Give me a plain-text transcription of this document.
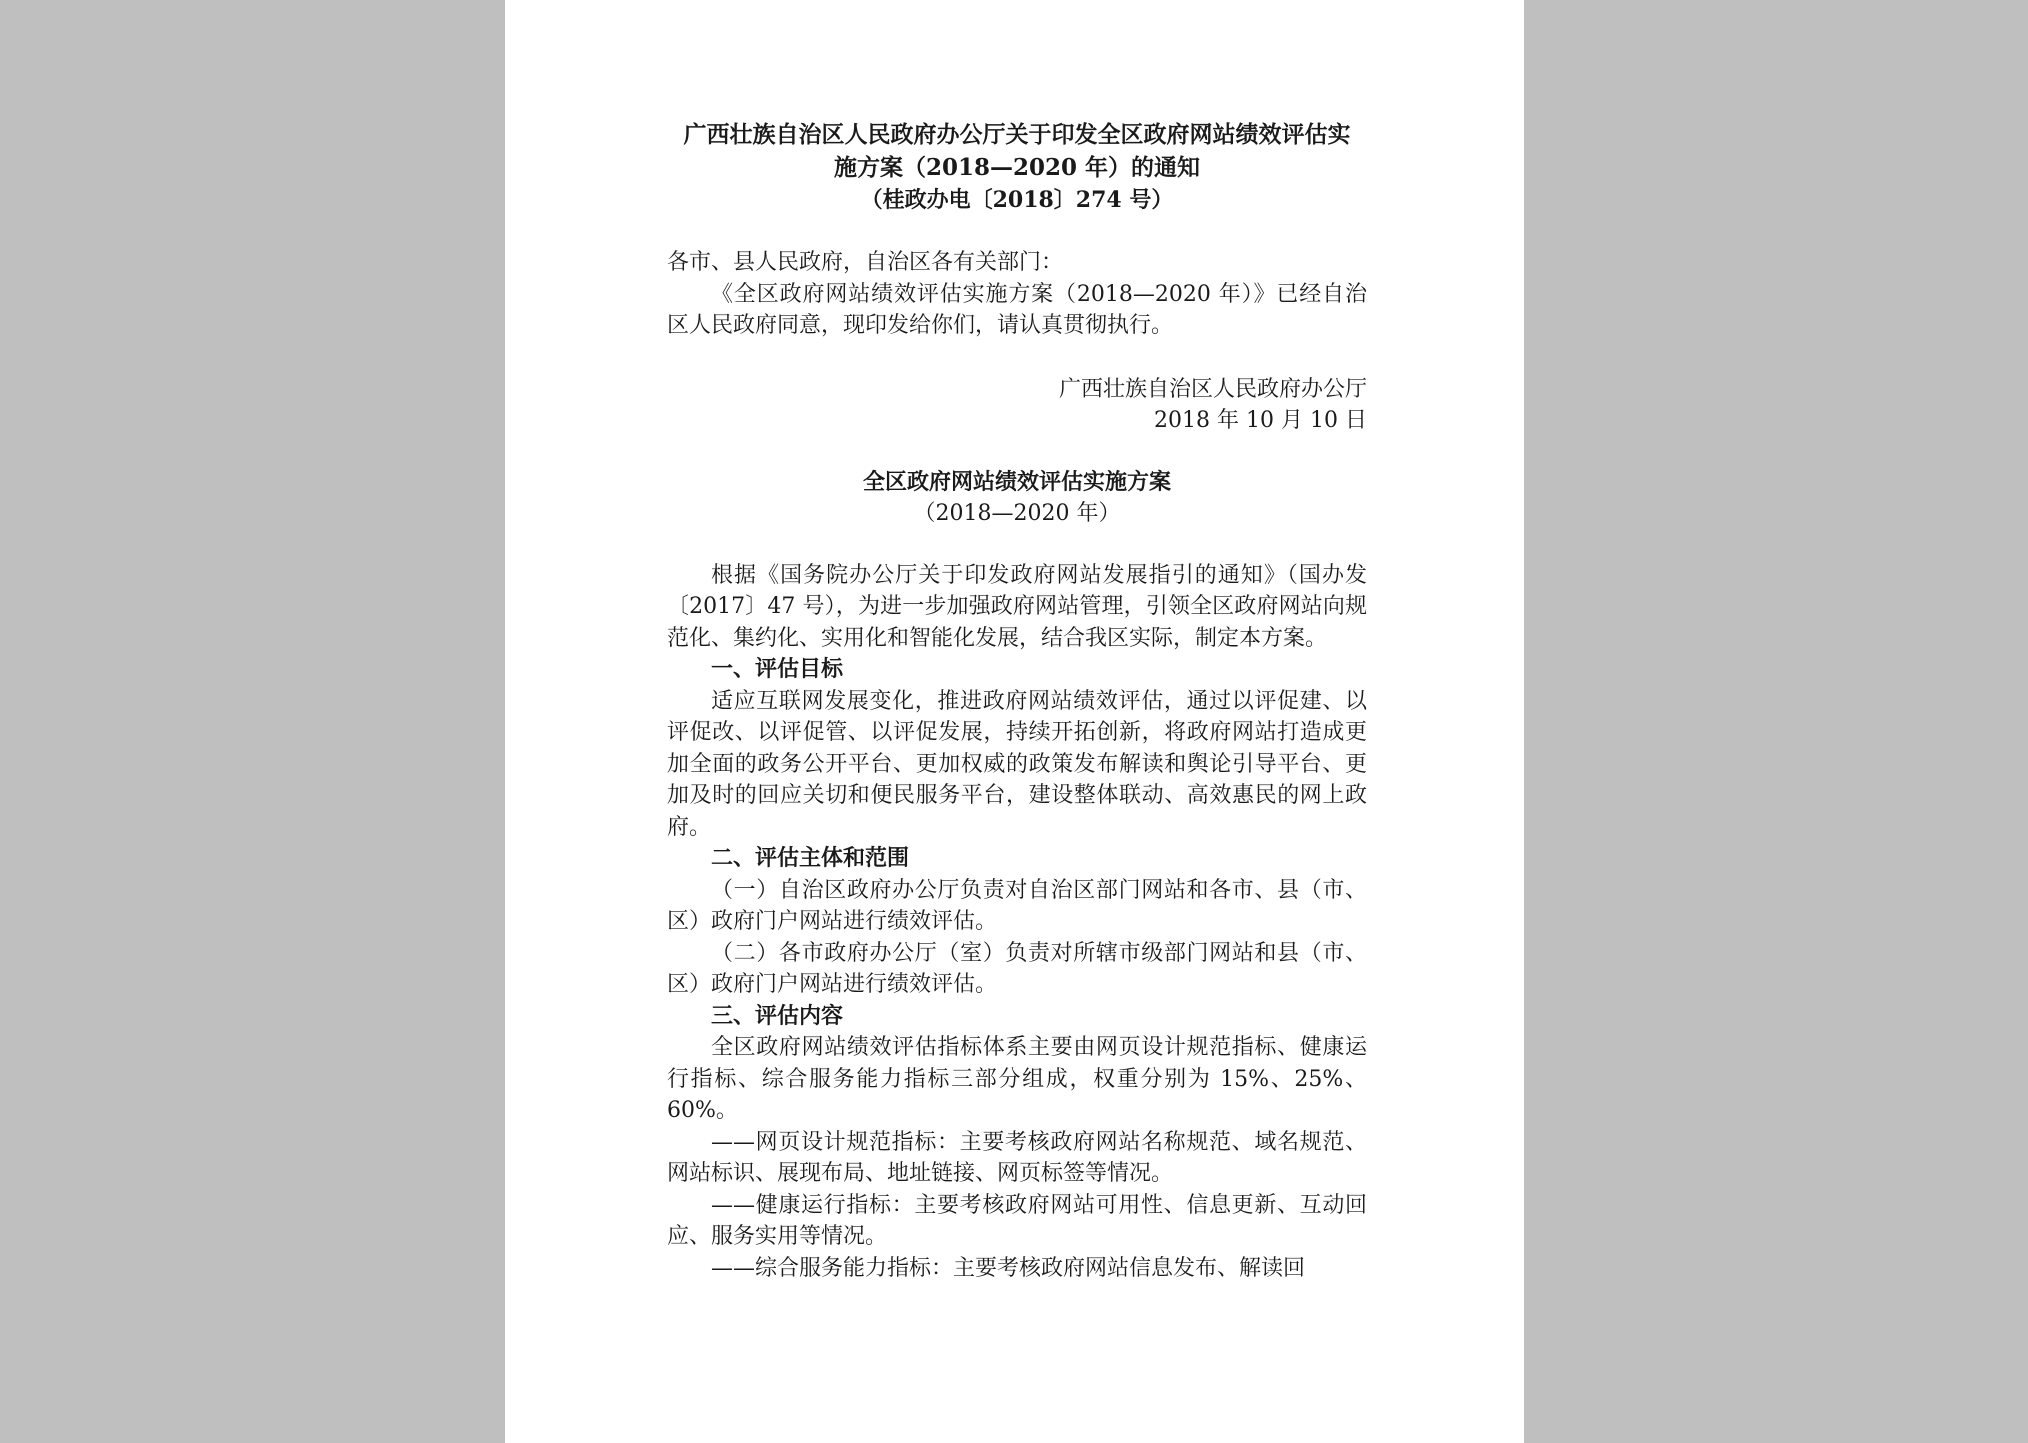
广西壮族自治区人民政府办公厅关于印发全区政府网站绩效评估实

施方案（2018—2020 年）的通知

（桂政办电〔2018〕274 号）

各市、县人民政府，自治区各有关部门：

《全区政府网站绩效评估实施方案（2018—2020 年）》已经自治区人民政府同意，现印发给你们，请认真贯彻执行。

广西壮族自治区人民政府办公厅

2018 年 10 月 10 日

全区政府网站绩效评估实施方案

（2018—2020 年）

根据《国务院办公厅关于印发政府网站发展指引的通知》（国办发〔2017〕47 号），为进一步加强政府网站管理，引领全区政府网站向规范化、集约化、实用化和智能化发展，结合我区实际，制定本方案。

一、评估目标

适应互联网发展变化，推进政府网站绩效评估，通过以评促建、以评促改、以评促管、以评促发展，持续开拓创新，将政府网站打造成更加全面的政务公开平台、更加权威的政策发布解读和舆论引导平台、更加及时的回应关切和便民服务平台，建设整体联动、高效惠民的网上政府。

二、评估主体和范围

（一）自治区政府办公厅负责对自治区部门网站和各市、县（市、区）政府门户网站进行绩效评估。

（二）各市政府办公厅（室）负责对所辖市级部门网站和县（市、区）政府门户网站进行绩效评估。

三、评估内容

全区政府网站绩效评估指标体系主要由网页设计规范指标、健康运行指标、综合服务能力指标三部分组成，权重分别为 15%、25%、60%。

——网页设计规范指标：主要考核政府网站名称规范、域名规范、网站标识、展现布局、地址链接、网页标签等情况。

——健康运行指标：主要考核政府网站可用性、信息更新、互动回应、服务实用等情况。

——综合服务能力指标：主要考核政府网站信息发布、解读回
